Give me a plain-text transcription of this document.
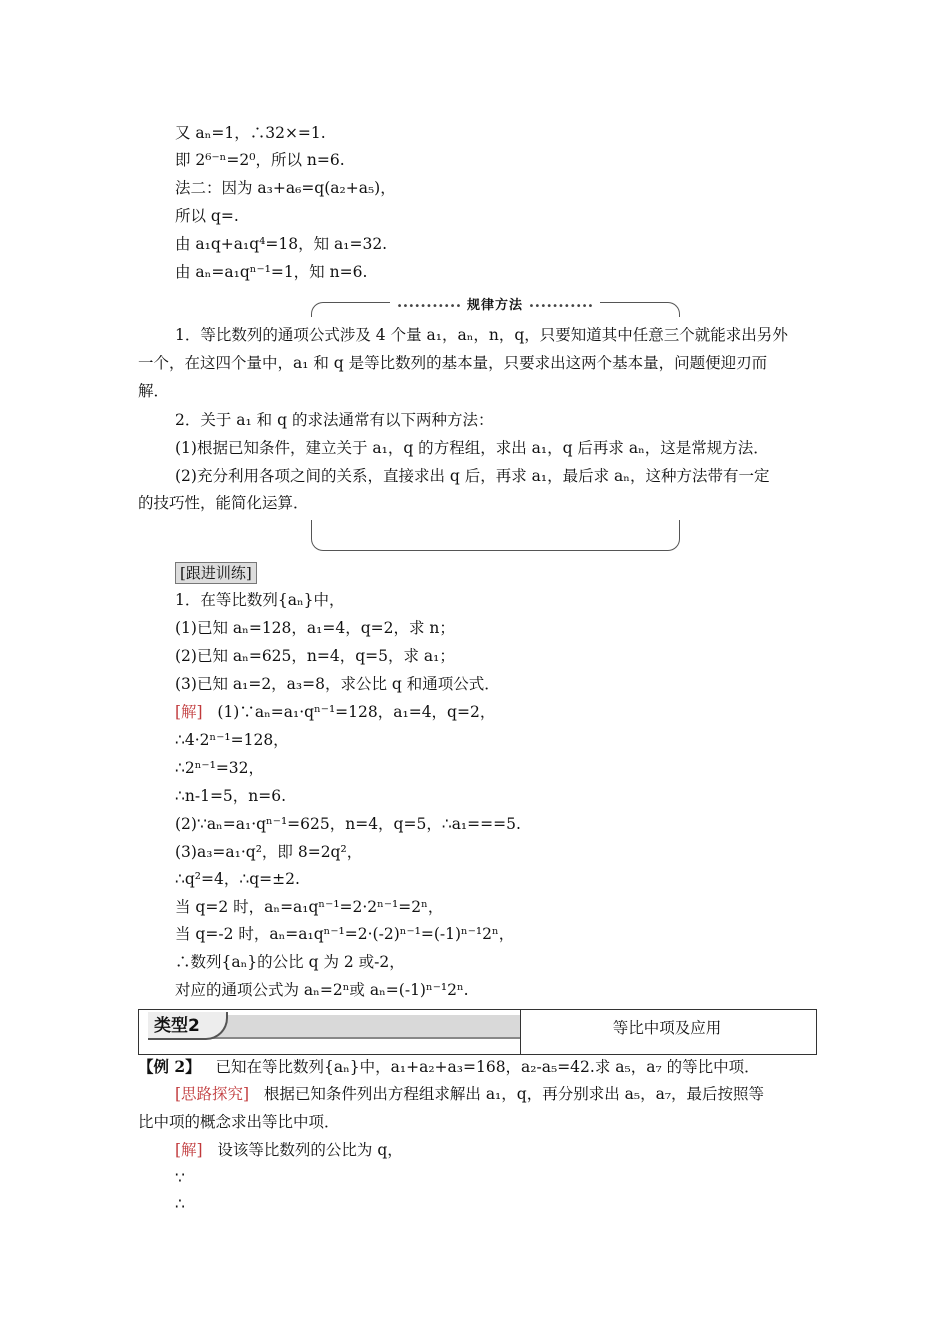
又 aₙ=1，∴32×=1.
即 2⁶⁻ⁿ=2⁰，所以 n=6.
法二：因为 a₃+a₆=q(a₂+a₅)，
所以 q=.
由 a₁q+a₁q⁴=18，知 a₁=32.
由 aₙ=a₁qⁿ⁻¹=1，知 n=6.
••••••••••• 规律方法 •••••••••••
1．等比数列的通项公式涉及 4 个量 a₁，aₙ，n，q，只要知道其中任意三个就能求出另外
一个，在这四个量中，a₁ 和 q 是等比数列的基本量，只要求出这两个基本量，问题便迎刃而
解．
2．关于 a₁ 和 q 的求法通常有以下两种方法：
(1)根据已知条件，建立关于 a₁，q 的方程组，求出 a₁，q 后再求 aₙ，这是常规方法．
(2)充分利用各项之间的关系，直接求出 q 后，再求 a₁，最后求 aₙ，这种方法带有一定
的技巧性，能简化运算．
[跟进训练]
1．在等比数列{aₙ}中，
(1)已知 aₙ=128，a₁=4，q=2，求 n；
(2)已知 aₙ=625，n=4，q=5，求 a₁；
(3)已知 a₁=2，a₃=8，求公比 q 和通项公式．
[解] (1)∵aₙ=a₁·qⁿ⁻¹=128，a₁=4，q=2，
∴4·2ⁿ⁻¹=128，
∴2ⁿ⁻¹=32，
∴n-1=5，n=6.
(2)∵aₙ=a₁·qⁿ⁻¹=625，n=4，q=5，∴a₁===5.
(3)a₃=a₁·q²，即 8=2q²，
∴q²=4，∴q=±2.
当 q=2 时，aₙ=a₁qⁿ⁻¹=2·2ⁿ⁻¹=2ⁿ，
当 q=-2 时，aₙ=a₁qⁿ⁻¹=2·(-2)ⁿ⁻¹=(-1)ⁿ⁻¹2ⁿ，
∴数列{aₙ}的公比 q 为 2 或-2，
对应的通项公式为 aₙ=2ⁿ或 aₙ=(-1)ⁿ⁻¹2ⁿ.
类型2	等比中项及应用
【例 2】 已知在等比数列{aₙ}中，a₁+a₂+a₃=168，a₂-a₅=42.求 a₅，a₇ 的等比中项．
[思路探究] 根据已知条件列出方程组求解出 a₁，q，再分别求出 a₅，a₇，最后按照等
比中项的概念求出等比中项．
[解] 设该等比数列的公比为 q，
∵
∴
